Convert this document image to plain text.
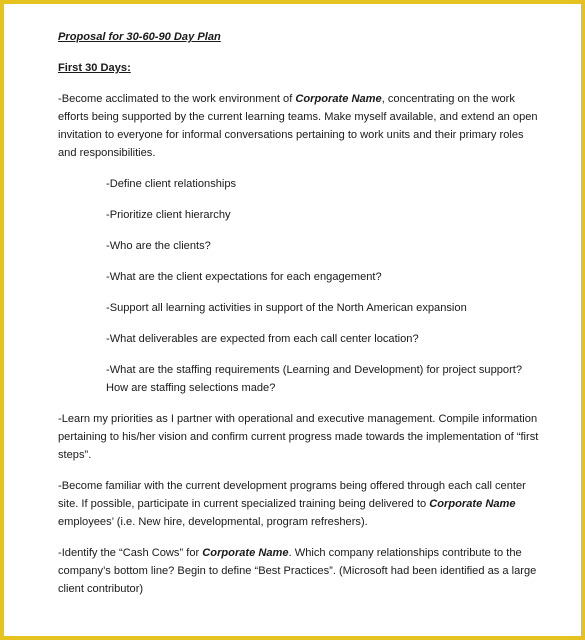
Proposal for 30-60-90 Day Plan

First 30 Days:

-Become acclimated to the work environment of Corporate Name, concentrating on the work efforts being supported by the current learning teams. Make myself available, and extend an open invitation to everyone for informal conversations pertaining to work units and their primary roles and responsibilities.

-Define client relationships

-Prioritize client hierarchy

-Who are the clients?

-What are the client expectations for each engagement?

-Support all learning activities in support of the North American expansion

-What deliverables are expected from each call center location?

-What are the staffing requirements (Learning and Development) for project support? How are staffing selections made?

-Learn my priorities as I partner with operational and executive management. Compile information pertaining to his/her vision and confirm current progress made towards the implementation of “first steps”.

-Become familiar with the current development programs being offered through each call center site. If possible, participate in current specialized training being delivered to Corporate Name employees’ (i.e. New hire, developmental, program refreshers).

-Identify the “Cash Cows” for Corporate Name. Which company relationships contribute to the company’s bottom line? Begin to define “Best Practices”. (Microsoft had been identified as a large client contributor)
